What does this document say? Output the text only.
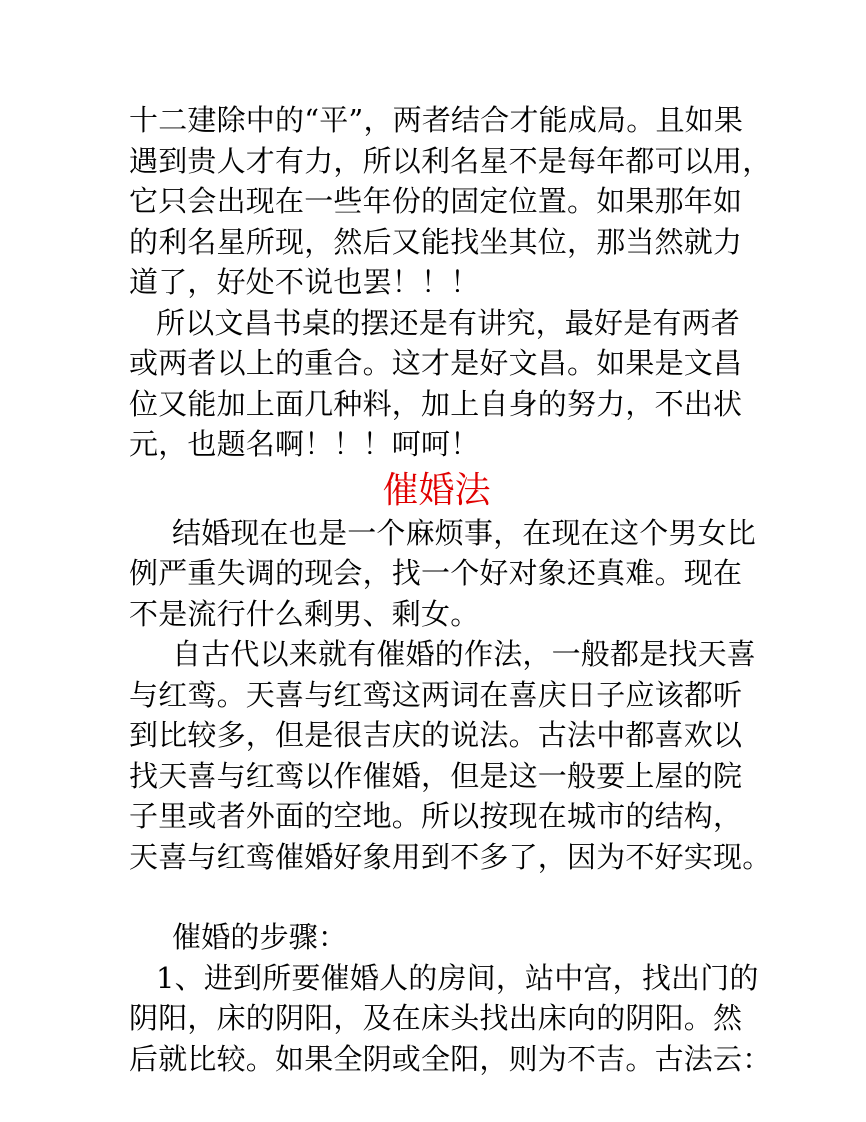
十二建除中的“平”，两者结合才能成局。且如果
遇到贵人才有力，所以利名星不是每年都可以用，
它只会出现在一些年份的固定位置。如果那年如
的利名星所现，然后又能找坐其位，那当然就力
道了，好处不说也罢！！！
所以文昌书桌的摆还是有讲究，最好是有两者
或两者以上的重合。这才是好文昌。如果是文昌
位又能加上面几种料，加上自身的努力，不出状
元，也题名啊！！！呵呵！
催婚法
结婚现在也是一个麻烦事，在现在这个男女比
例严重失调的现会，找一个好对象还真难。现在
不是流行什么剩男、剩女。
自古代以来就有催婚的作法，一般都是找天喜
与红鸾。天喜与红鸾这两词在喜庆日子应该都听
到比较多，但是很吉庆的说法。古法中都喜欢以
找天喜与红鸾以作催婚，但是这一般要上屋的院
子里或者外面的空地。所以按现在城市的结构，
天喜与红鸾催婚好象用到不多了，因为不好实现。
催婚的步骤：
1、进到所要催婚人的房间，站中宫，找出门的
阴阳，床的阴阳，及在床头找出床向的阴阳。然
后就比较。如果全阴或全阳，则为不吉。古法云：
